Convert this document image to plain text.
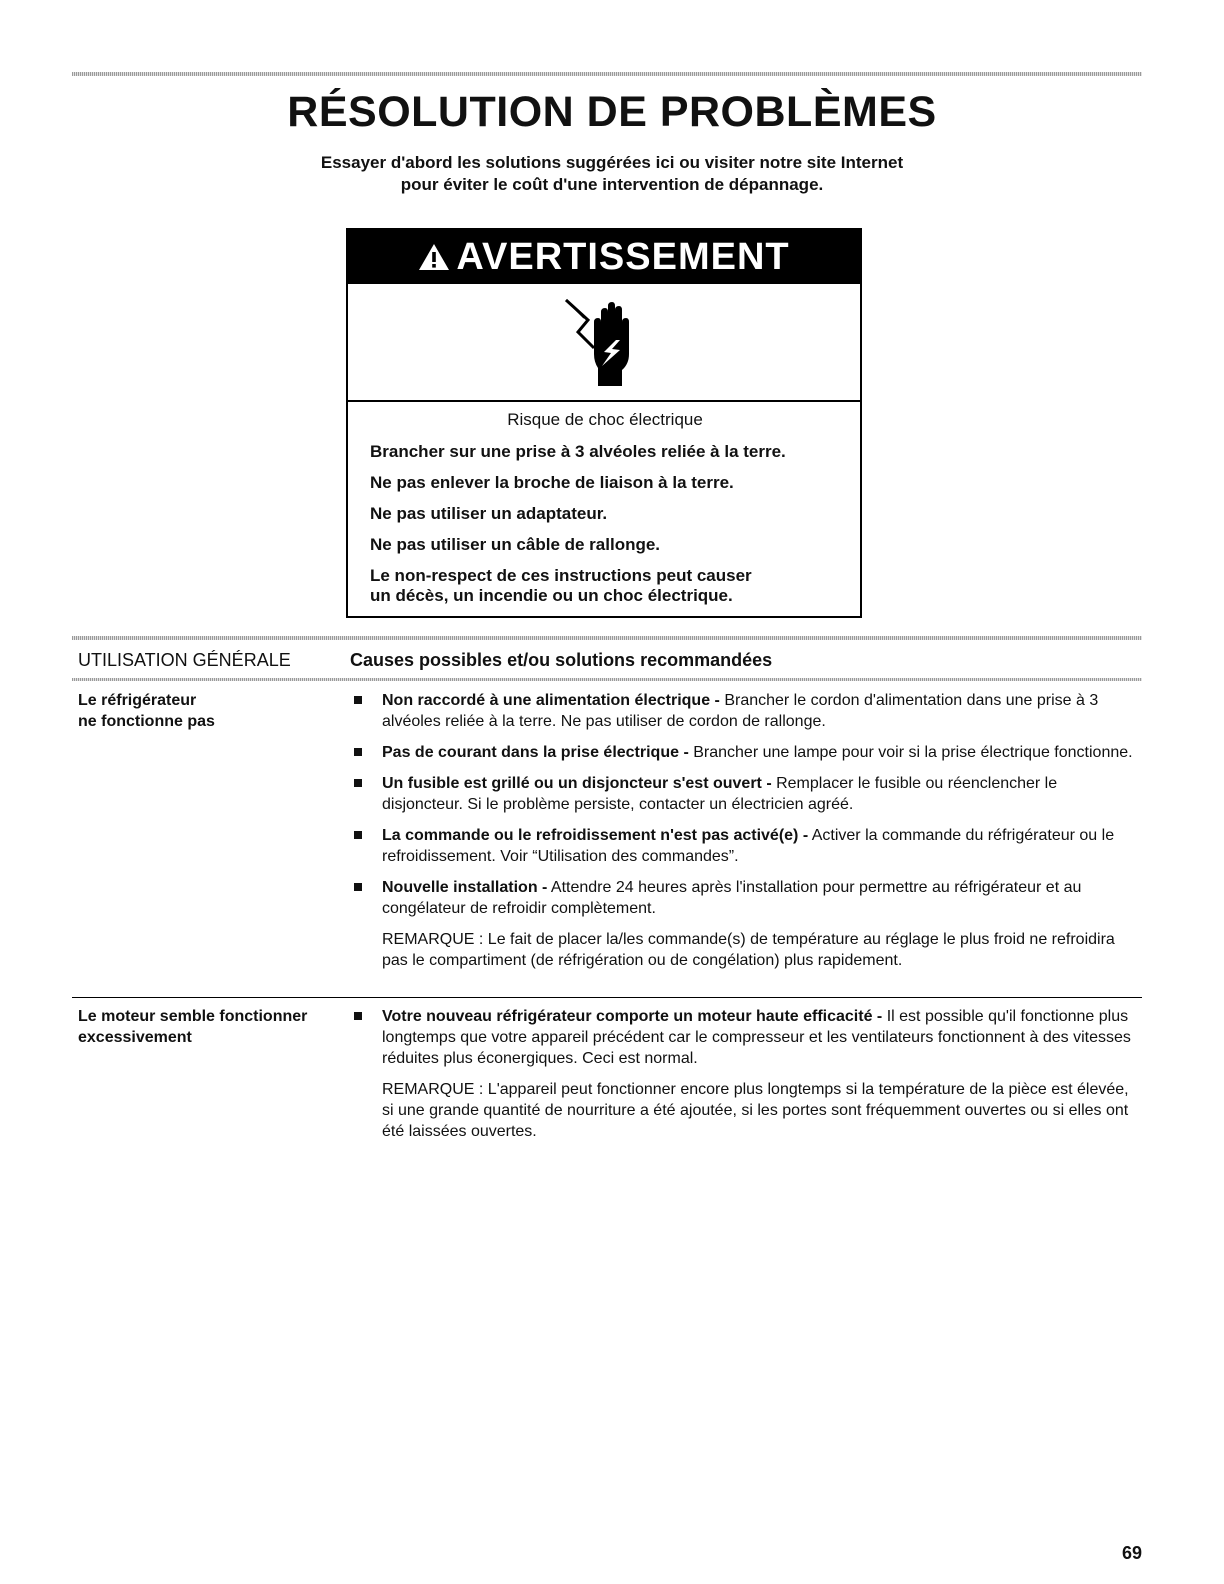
RÉSOLUTION DE PROBLÈMES
Essayer d'abord les solutions suggérées ici ou visiter notre site Internet
pour éviter le coût d'une intervention de dépannage.
AVERTISSEMENT
Risque de choc électrique

Brancher sur une prise à 3 alvéoles reliée à la terre.

Ne pas enlever la broche de liaison à la terre.

Ne pas utiliser un adaptateur.

Ne pas utiliser un câble de rallonge.

Le non-respect de ces instructions peut causer
un décès, un incendie ou un choc électrique.

UTILISATION GÉNÉRALE	Causes possibles et/ou solutions recommandées
Le réfrigérateur
ne fonctionne pas
Non raccordé à une alimentation électrique - Brancher le cordon d'alimentation dans une prise à 3 alvéoles reliée à la terre. Ne pas utiliser de cordon de rallonge.
Pas de courant dans la prise électrique - Brancher une lampe pour voir si la prise électrique fonctionne.
Un fusible est grillé ou un disjoncteur s'est ouvert - Remplacer le fusible ou réenclencher le disjoncteur. Si le problème persiste, contacter un électricien agréé.
La commande ou le refroidissement n'est pas activé(e) - Activer la commande du réfrigérateur ou le refroidissement. Voir “Utilisation des commandes”.
Nouvelle installation - Attendre 24 heures après l'installation pour permettre au réfrigérateur et au congélateur de refroidir complètement.
REMARQUE : Le fait de placer la/les commande(s) de température au réglage le plus froid ne refroidira pas le compartiment (de réfrigération ou de congélation) plus rapidement.
Le moteur semble fonctionner
excessivement
Votre nouveau réfrigérateur comporte un moteur haute efficacité - Il est possible qu'il fonctionne plus longtemps que votre appareil précédent car le compresseur et les ventilateurs fonctionnent à des vitesses réduites plus éconergiques. Ceci est normal.
REMARQUE : L'appareil peut fonctionner encore plus longtemps si la température de la pièce est élevée, si une grande quantité de nourriture a été ajoutée, si les portes sont fréquemment ouvertes ou si elles ont été laissées ouvertes.
69
